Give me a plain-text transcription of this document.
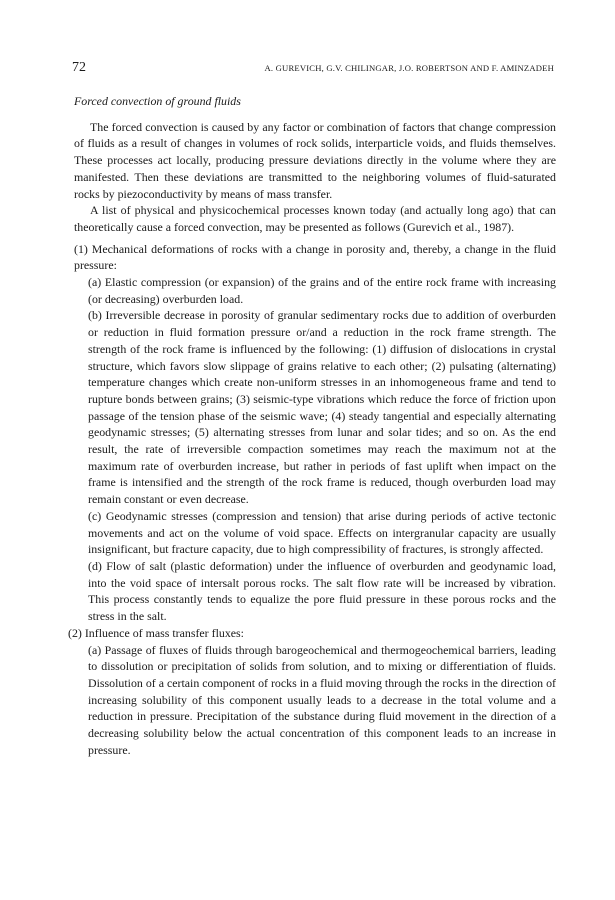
72	A. GUREVICH, G.V. CHILINGAR, J.O. ROBERTSON AND F. AMINZADEH

Forced convection of ground fluids

The forced convection is caused by any factor or combination of factors that change compression of fluids as a result of changes in volumes of rock solids, interparticle voids, and fluids themselves. These processes act locally, producing pressure deviations directly in the volume where they are manifested. Then these deviations are transmitted to the neighboring volumes of fluid-saturated rocks by piezoconductivity by means of mass transfer.

A list of physical and physicochemical processes known today (and actually long ago) that can theoretically cause a forced convection, may be presented as follows (Gurevich et al., 1987).

(1) Mechanical deformations of rocks with a change in porosity and, thereby, a change in the fluid pressure:

(a) Elastic compression (or expansion) of the grains and of the entire rock frame with increasing (or decreasing) overburden load.

(b) Irreversible decrease in porosity of granular sedimentary rocks due to addition of overburden or reduction in fluid formation pressure or/and a reduction in the rock frame strength. The strength of the rock frame is influenced by the following: (1) diffusion of dislocations in crystal structure, which favors slow slippage of grains relative to each other; (2) pulsating (alternating) temperature changes which create non-uniform stresses in an inhomogeneous frame and tend to rupture bonds between grains; (3) seismic-type vibrations which reduce the force of friction upon passage of the tension phase of the seismic wave; (4) steady tangential and especially alternating geodynamic stresses; (5) alternating stresses from lunar and solar tides; and so on. As the end result, the rate of irreversible compaction sometimes may reach the maximum not at the maximum rate of overburden increase, but rather in periods of fast uplift when impact on the frame is intensified and the strength of the rock frame is reduced, though overburden load may remain constant or even decrease.

(c) Geodynamic stresses (compression and tension) that arise during periods of active tectonic movements and act on the volume of void space. Effects on intergranular capacity are usually insignificant, but fracture capacity, due to high compressibility of fractures, is strongly affected.

(d) Flow of salt (plastic deformation) under the influence of overburden and geodynamic load, into the void space of intersalt porous rocks. The salt flow rate will be increased by vibration. This process constantly tends to equalize the pore fluid pressure in these porous rocks and the stress in the salt.

(2) Influence of mass transfer fluxes:

(a) Passage of fluxes of fluids through barogeochemical and thermogeochemical barriers, leading to dissolution or precipitation of solids from solution, and to mixing or differentiation of fluids. Dissolution of a certain component of rocks in a fluid moving through the rocks in the direction of increasing solubility of this component usually leads to a decrease in the total volume and a reduction in pressure. Precipitation of the substance during fluid movement in the direction of a decreasing solubility below the actual concentration of this component leads to an increase in pressure.
